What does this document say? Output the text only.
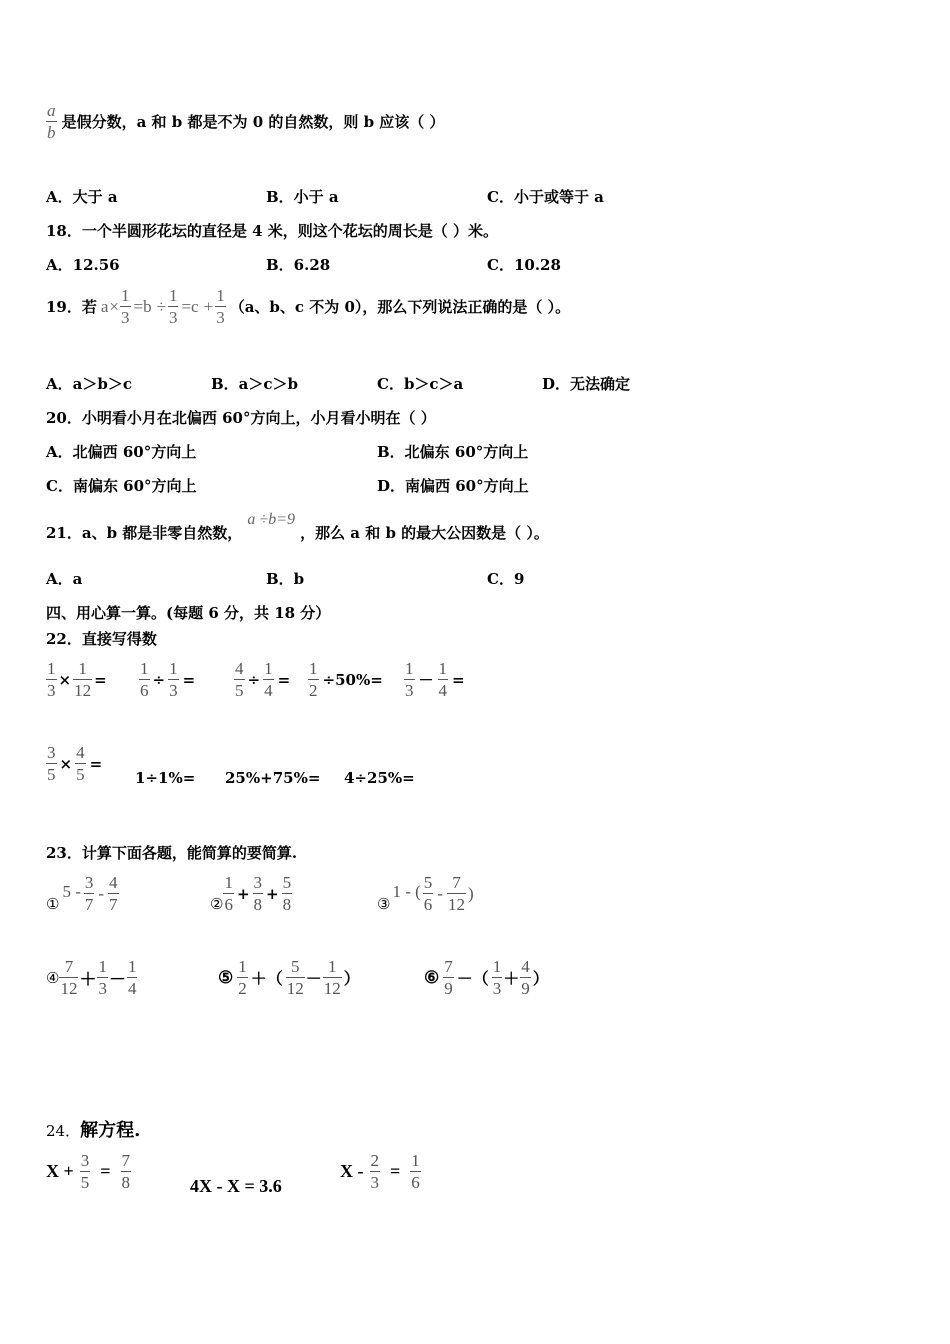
$\frac{a}{b}$ 是假分数，a 和 b 都是不为 0 的自然数，则 b 应该（ ）
A．大于 a	B．小于 a	C．小于或等于 a
18．一个半圆形花坛的直径是 4 米，则这个花坛的周长是（ ）米。
A．12.56	B．6.28	C．10.28
19．若 $a \times \frac{1}{3} =b \div \frac{1}{3} =c + \frac{1}{3} (a$、b、c 不为 0），那么下列说法正确的是（ ）。
A．a＞b＞c	B．a＞c＞b	C．b＞c＞a	D．无法确定
20．小明看小月在北偏西 60°方向上，小月看小明在（ ）
A．北偏西 60°方向上	B．北偏东 60°方向上
C．南偏东 60°方向上	D．南偏西 60°方向上
21．a、b 都是非零自然数， a ÷b=9 ，那么 a 和 b 的最大公因数是（ ）。
A．a	B．b	C．9
四、用心算一算。(每题 6 分，共 18 分）
22．直接写得数
$\frac{1}{3} \times \frac{1}{12} = \frac{1}{6} \div \frac{1}{3} = \frac{4}{5} \div \frac{1}{4} = \frac{1}{2} \div 50\%= \frac{1}{3} - \frac{1}{4}$ =
$\frac{3}{5} \times \frac{4}{5}$ =
1÷1%= 25%+75%= 4÷25%=
23．计算下面各题，能简算的要简算.
①
$5 - \frac{3}{7} - \frac{4}{7}$	② $\frac{1}{6} + \frac{3}{8} + \frac{5}{8}$	③
1 - ( $\frac{5}{6} - \frac{7}{12}$ )
④ $\frac{7}{12} + \frac{1}{3} - \frac{1}{4}$	⑤ $\frac{1}{2}$ ＋（ $\frac{5}{12} - \frac{1}{12}$ ）	⑥ $\frac{7}{9}$ －（ $\frac{1}{3} + \frac{4}{9}$ ）
24．解方程.
$X + \frac{3}{5} = \frac{7}{8}$	4X - X = 3.6
$X - \frac{2}{3} = \frac{1}{6}$
